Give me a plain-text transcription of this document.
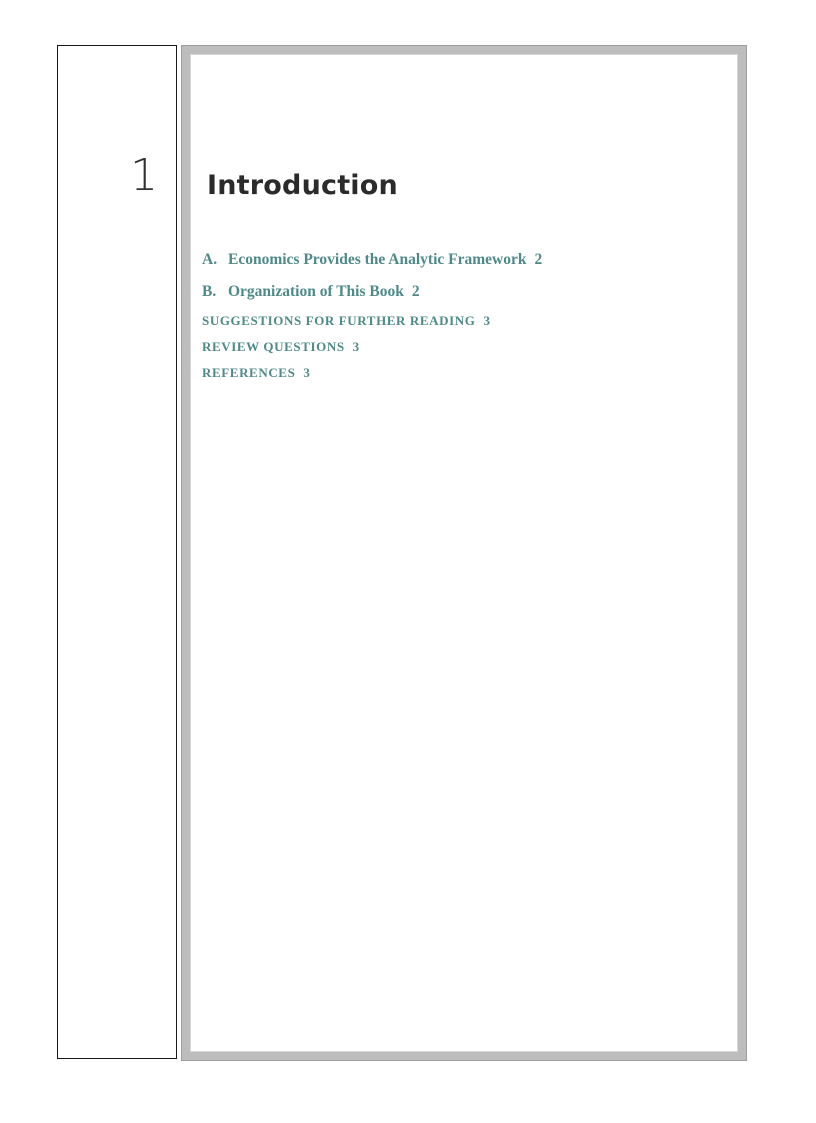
1 Introduction
A. Economics Provides the Analytic Framework 2
B. Organization of This Book 2
SUGGESTIONS FOR FURTHER READING 3
REVIEW QUESTIONS 3
REFERENCES 3
